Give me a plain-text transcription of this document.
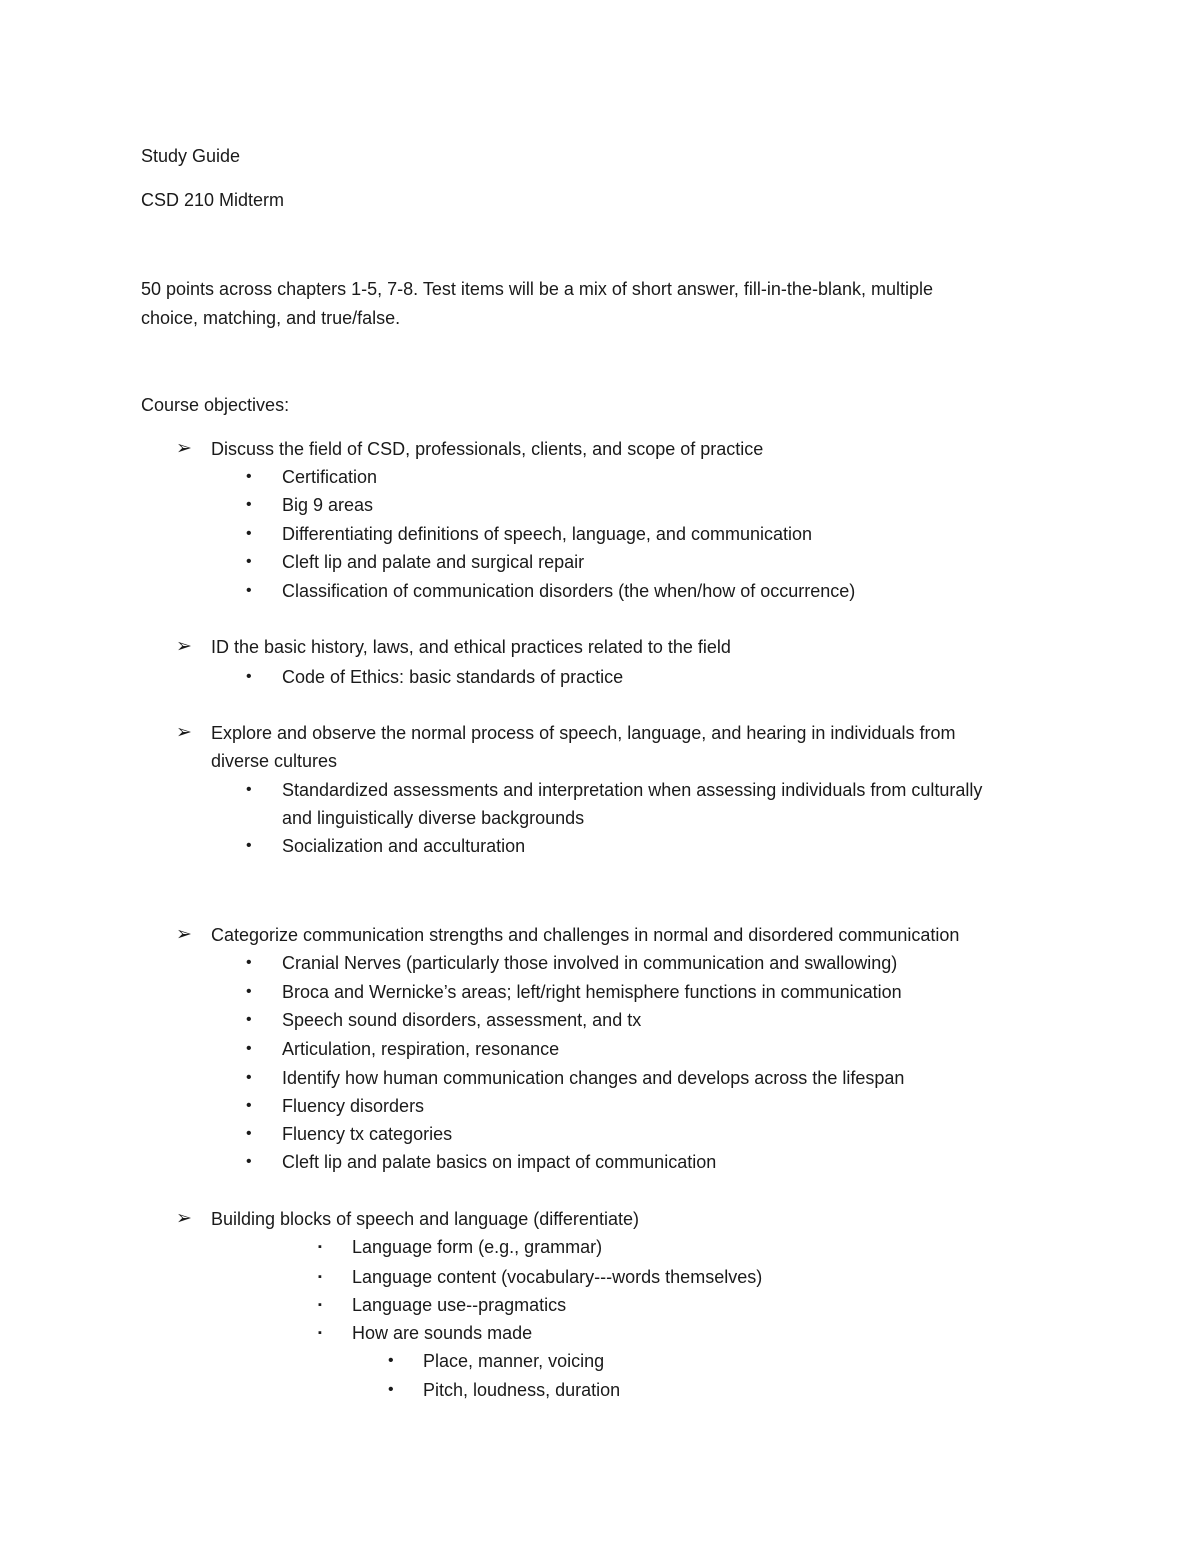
Study Guide
CSD 210 Midterm
50 points across chapters 1-5, 7-8. Test items will be a mix of short answer, fill-in-the-blank, multiple
choice, matching, and true/false.
Course objectives:
➢ Discuss the field of CSD, professionals, clients, and scope of practice
• Certification
• Big 9 areas
• Differentiating definitions of speech, language, and communication
• Cleft lip and palate and surgical repair
• Classification of communication disorders (the when/how of occurrence)
➢ ID the basic history, laws, and ethical practices related to the field
• Code of Ethics: basic standards of practice
➢ Explore and observe the normal process of speech, language, and hearing in individuals from
diverse cultures
• Standardized assessments and interpretation when assessing individuals from culturally
and linguistically diverse backgrounds
• Socialization and acculturation
➢ Categorize communication strengths and challenges in normal and disordered communication
• Cranial Nerves (particularly those involved in communication and swallowing)
• Broca and Wernicke’s areas; left/right hemisphere functions in communication
• Speech sound disorders, assessment, and tx
• Articulation, respiration, resonance
• Identify how human communication changes and develops across the lifespan
• Fluency disorders
• Fluency tx categories
• Cleft lip and palate basics on impact of communication
➢ Building blocks of speech and language (differentiate)
▪ Language form (e.g., grammar)
▪ Language content (vocabulary---words themselves)
▪ Language use--pragmatics
▪ How are sounds made
• Place, manner, voicing
• Pitch, loudness, duration
